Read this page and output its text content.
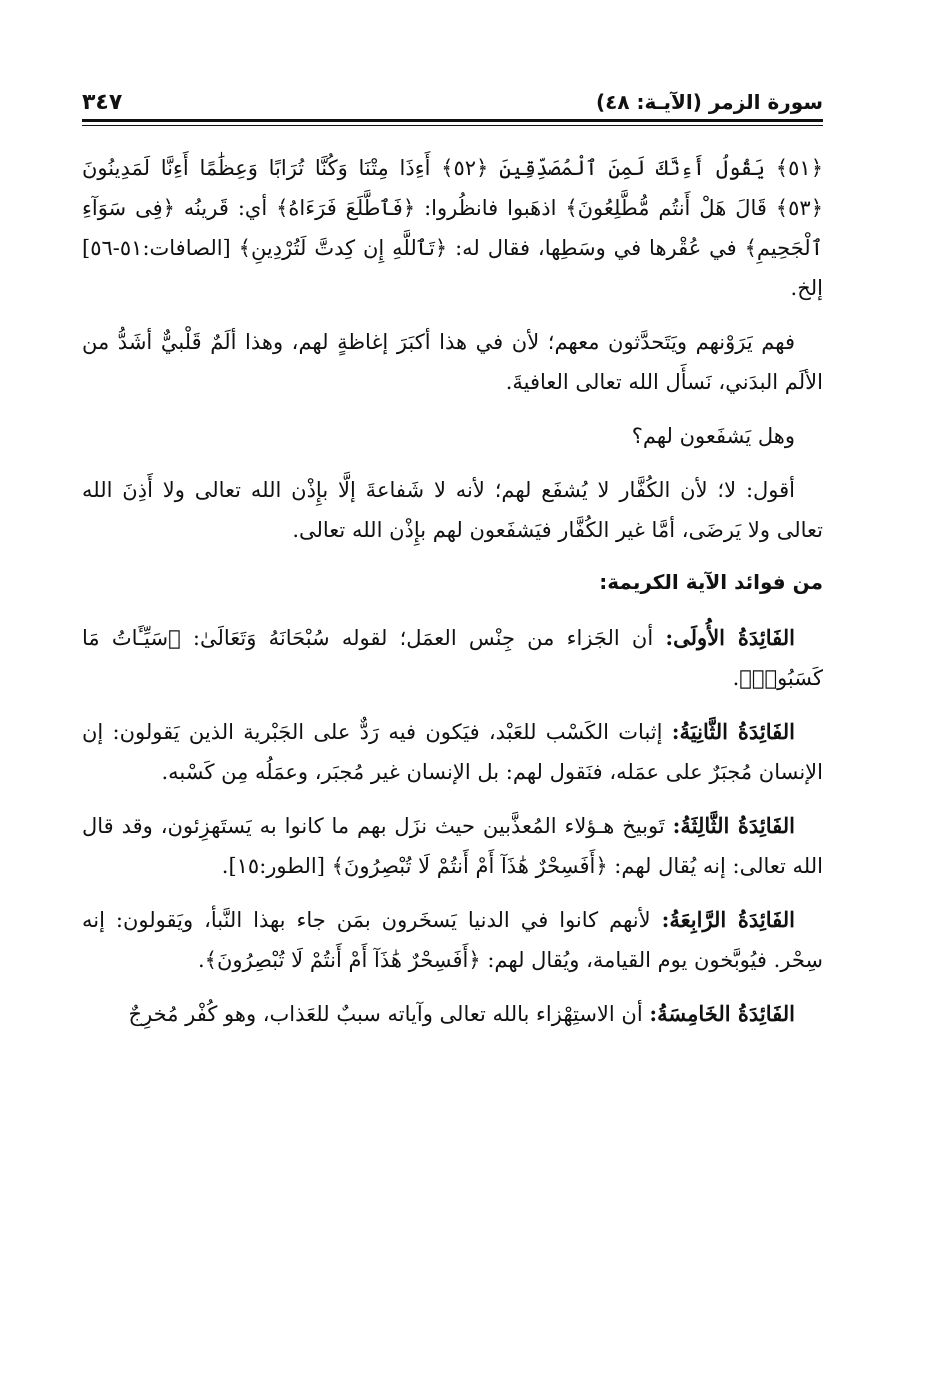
سورة الزمر (الآيـة: ٤٨)
٣٤٧

﴿٥١﴾ يَقُولُ أَءِنَّكَ لَمِنَ ٱلْمُصَدِّقِينَ ﴿٥٢﴾ أَءِذَا مِتْنَا وَكُنَّا تُرَابًا وَعِظَٰمًا أَءِنَّا لَمَدِينُونَ ﴿٥٣﴾ قَالَ هَلْ أَنتُم مُّطَّلِعُونَ﴾ اذهَبوا فانظُروا: ﴿فَٱطَّلَعَ فَرَءَاهُ﴾ أي: قَرينُه ﴿فِى سَوَآءِ ٱلْجَحِيمِ﴾ في عُقْرها في وسَطِها، فقال له: ﴿تَٱللَّهِ إِن كِدتَّ لَتُرْدِينِ﴾ [الصافات:٥١-٥٦] إلخ.

فهم يَرَوْنهم ويَتَحدَّثون معهم؛ لأن في هذا أكبَرَ إغاظةٍ لهم، وهذا ألَمٌ قَلْبيٌّ أشَدُّ من الألَم البدَني، نَسأَل الله تعالى العافيةَ.

وهل يَشفَعون لهم؟

أقول: لا؛ لأن الكُفَّار لا يُشفَع لهم؛ لأنه لا شَفاعةَ إلَّا بإِذْن الله تعالى ولا أَذِنَ الله تعالى ولا يَرضَى، أمَّا غير الكُفَّار فيَشفَعون لهم بإِذْن الله تعالى.

من فوائد الآية الكريمة:

الفَائِدَةُ الأُولَى: أن الجَزاء من جِنْس العمَل؛ لقوله سُبْحَانَهُ وَتَعَالَىٰ: ﴿سَيِّـَٔاتُ مَا كَسَبُوا۟﴾.

الفَائِدَةُ الثَّانِيَةُ: إثبات الكَسْب للعَبْد، فيَكون فيه رَدٌّ على الجَبْرية الذين يَقولون: إن الإنسان مُجبَرٌ على عمَله، فنَقول لهم: بل الإنسان غير مُجبَر، وعمَلُه مِن كَسْبه.

الفَائِدَةُ الثَّالِثَةُ: تَوبيخ هـؤلاء المُعذَّبين حيث نزَل بهم ما كانوا به يَستَهزِئون، وقد قال الله تعالى: إنه يُقال لهم: ﴿أَفَسِحْرٌ هَٰذَآ أَمْ أَنتُمْ لَا تُبْصِرُونَ﴾ [الطور:١٥].

الفَائِدَةُ الرَّابِعَةُ: لأنهم كانوا في الدنيا يَسخَرون بمَن جاء بهذا النَّبأ، ويَقولون: إنه سِحْر. فيُوبَّخون يوم القيامة، ويُقال لهم: ﴿أَفَسِحْرٌ هَٰذَآ أَمْ أَنتُمْ لَا تُبْصِرُونَ﴾.

الفَائِدَةُ الخَامِسَةُ: أن الاستِهْزاء بالله تعالى وآياته سببٌ للعَذاب، وهو كُفْر مُخرِجٌ
